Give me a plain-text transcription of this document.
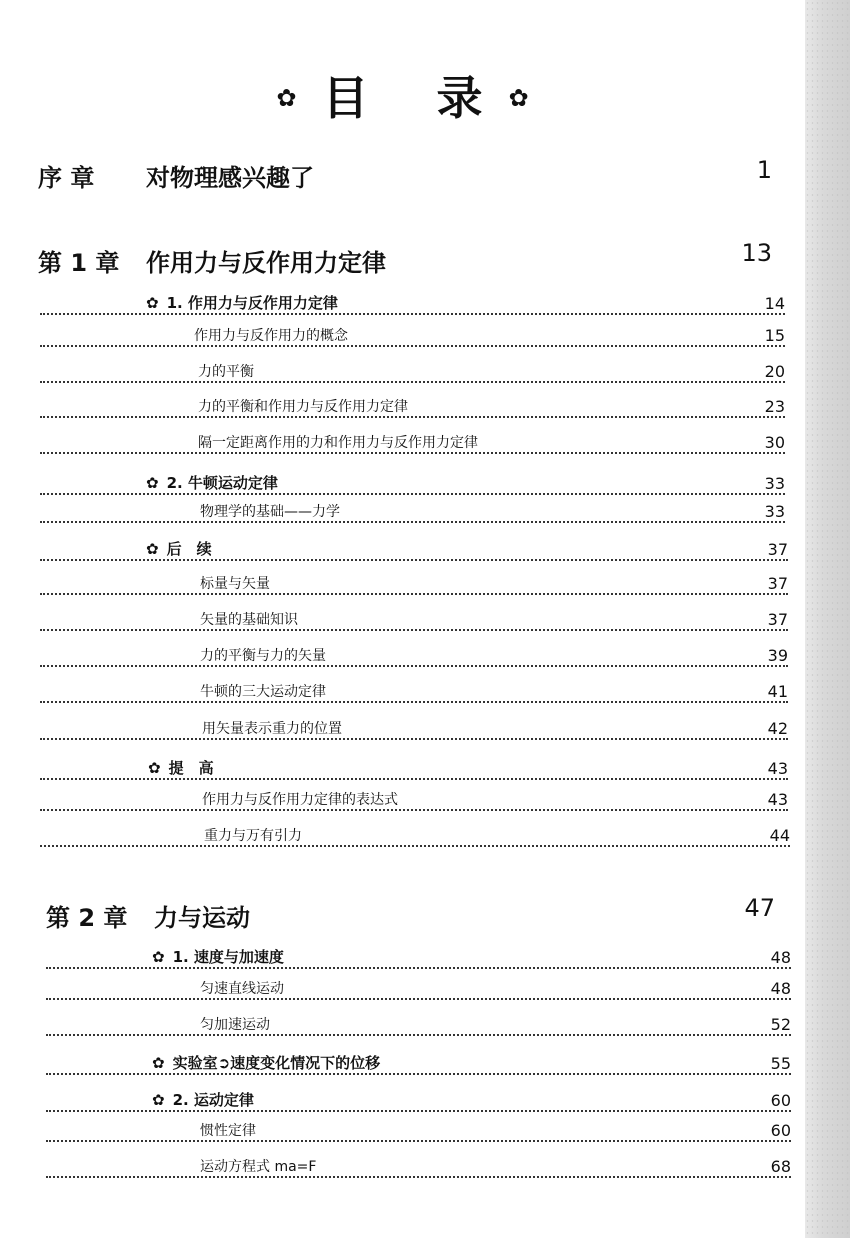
✿ 目 录 ✿
序 章	对物理感兴趣了	1
第 1 章	作用力与反作用力定律	13
✿ 1. 作用力与反作用力定律	14
作用力与反作用力的概念	15
力的平衡	20
力的平衡和作用力与反作用力定律	23
隔一定距离作用的力和作用力与反作用力定律	30
✿ 2. 牛顿运动定律	33
物理学的基础——力学	33
✿ 后　续	37
标量与矢量	37
矢量的基础知识	37
力的平衡与力的矢量	39
牛顿的三大运动定律	41
用矢量表示重力的位置	42
✿ 提　高	43
作用力与反作用力定律的表达式	43
重力与万有引力	44
第 2 章	力与运动	47
✿ 1. 速度与加速度	48
匀速直线运动	48
匀加速运动	52
✿ 实验室➲速度变化情况下的位移	55
✿ 2. 运动定律	60
惯性定律	60
运动方程式 ma=F	68
